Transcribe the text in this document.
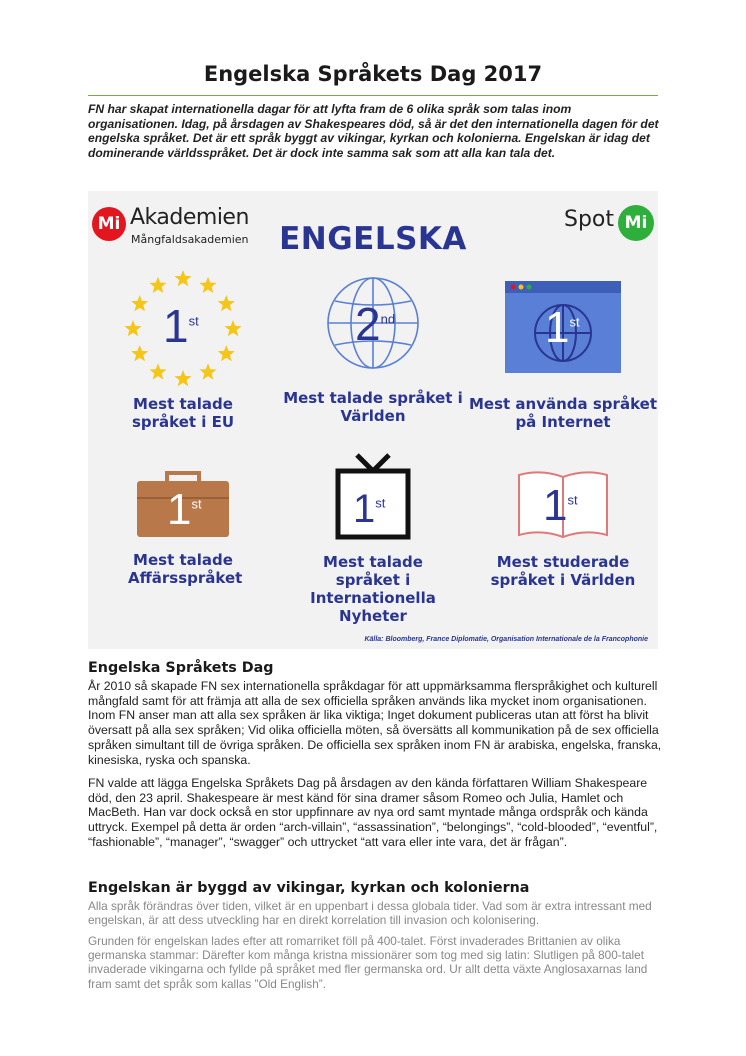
Engelska Språkets Dag 2017
FN har skapat internationella dagar för att lyfta fram de 6 olika språk som talas inom organisationen. Idag, på årsdagen av Shakespeares död, så är det den internationella dagen för det engelska språket. Det är ett språk byggt av vikingar, kyrkan och kolonierna. Engelskan är idag det dominerande världsspråket. Det är dock inte samma sak som att alla kan tala det.
Mi Akademien
Mångfaldsakademien
Spot Mi
ENGELSKA
1st
Mest talade språket i EU
2nd
Mest talade språket i Världen
1st
Mest använda språket på Internet
1st
Mest talade Affärsspråket
1st
Mest talade språket i Internationella Nyheter
1st
Mest studerade språket i Världen
Källa: Bloomberg, France Diplomatie, Organisation Internationale de la Francophonie
Engelska Språkets Dag
År 2010 så skapade FN sex internationella språkdagar för att uppmärksamma flerspråkighet och kulturell mångfald samt för att främja att alla de sex officiella språken används lika mycket inom organisationen. Inom FN anser man att alla sex språken är lika viktiga; Inget dokument publiceras utan att först ha blivit översatt på alla sex språken; Vid olika officiella möten, så översätts all kommunikation på de sex officiella språken simultant till de övriga språken. De officiella sex språken inom FN är arabiska, engelska, franska, kinesiska, ryska och spanska.
FN valde att lägga Engelska Språkets Dag på årsdagen av den kända författaren William Shakespeare död, den 23 april. Shakespeare är mest känd för sina dramer såsom Romeo och Julia, Hamlet och MacBeth. Han var dock också en stor uppfinnare av nya ord samt myntade många ordspråk och kända uttryck. Exempel på detta är orden “arch-villain”, “assassination”, “belongings”, “cold-blooded”, “eventful”, “fashionable”, “manager”, “swagger” och uttrycket “att vara eller inte vara, det är frågan”.
Engelskan är byggd av vikingar, kyrkan och kolonierna
Alla språk förändras över tiden, vilket är en uppenbart i dessa globala tider. Vad som är extra intressant med engelskan, är att dess utveckling har en direkt korrelation till invasion och kolonisering.
Grunden för engelskan lades efter att romarriket föll på 400-talet. Först invaderades Brittanien av olika germanska stammar: Därefter kom många kristna missionärer som tog med sig latin: Slutligen på 800-talet invaderade vikingarna och fyllde på språket med fler germanska ord. Ur allt detta växte Anglosaxarnas land fram samt det språk som kallas ”Old English”.
